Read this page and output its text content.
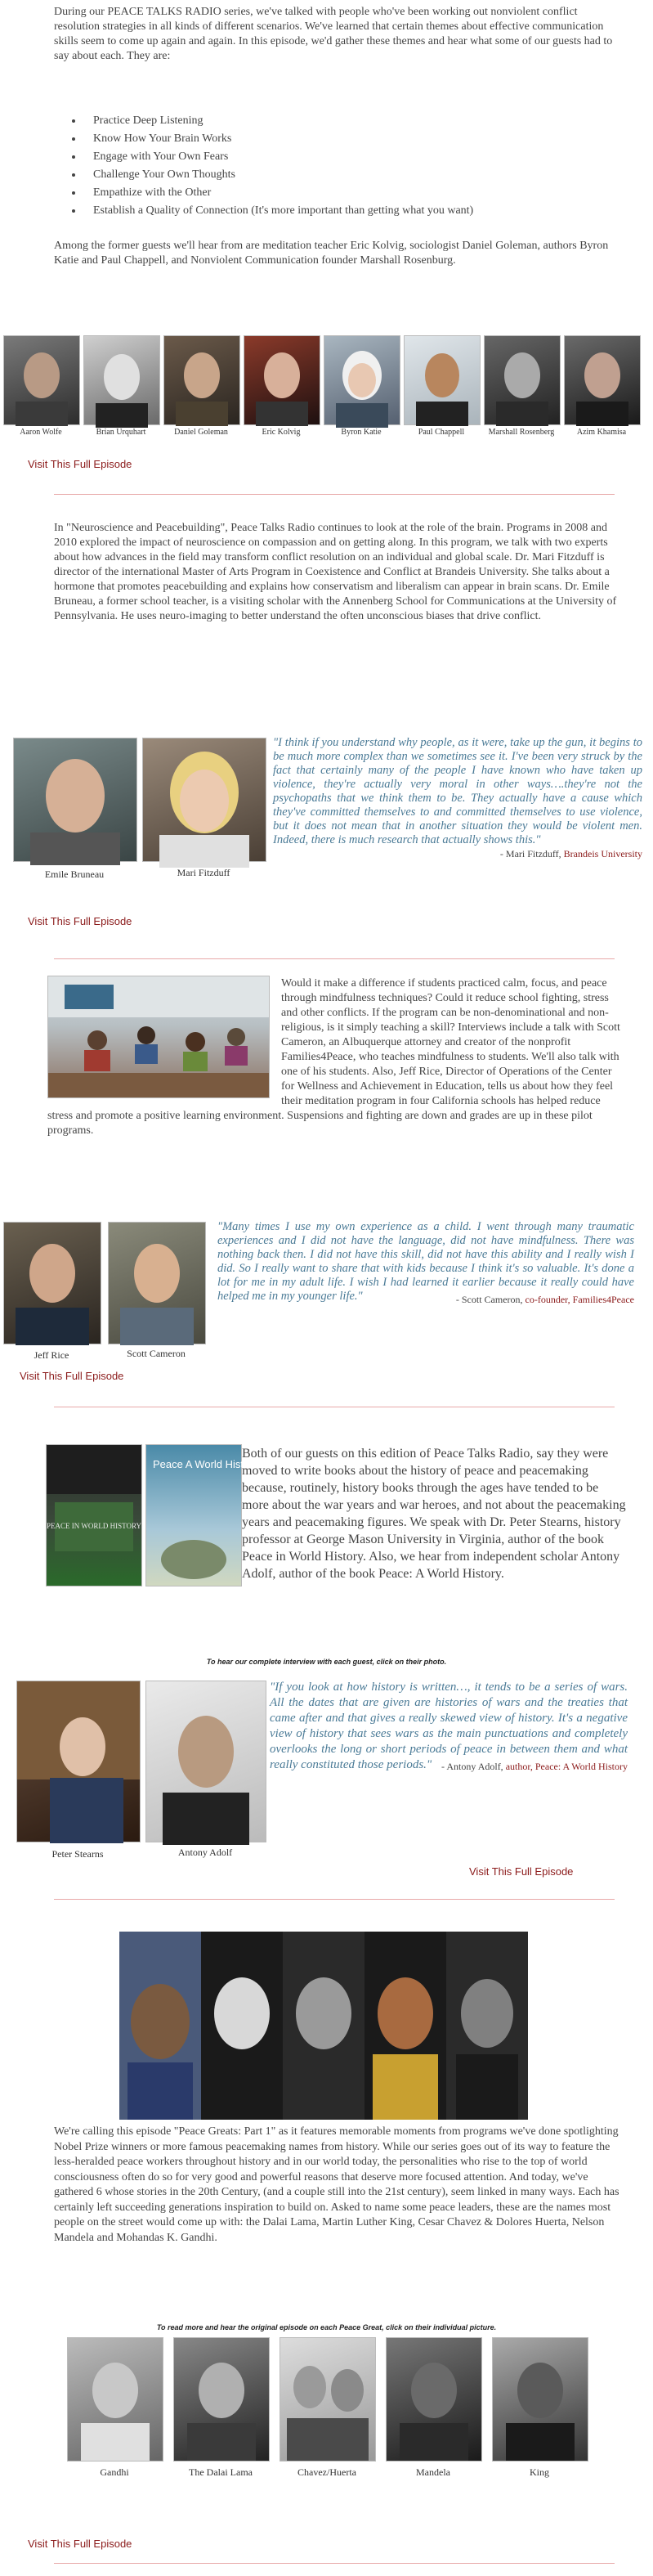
During our PEACE TALKS RADIO series, we've talked with people who've been working out nonviolent conflict resolution strategies in all kinds of different scenarios. We've learned that certain themes about effective communication skills seem to come up again and again. In this episode, we'd gather these themes and hear what some of our guests had to say about each. They are:
• Practice Deep Listening
• Know How Your Brain Works
• Engage with Your Own Fears
• Challenge Your Own Thoughts
• Empathize with the Other
• Establish a Quality of Connection (It's more important than getting what you want)
Among the former guests we'll hear from are meditation teacher Eric Kolvig, sociologist Daniel Goleman, authors Byron Katie and Paul Chappell, and Nonviolent Communication founder Marshall Rosenburg.
Aaron Wolfe	Brian Urquhart	Daniel Goleman	Eric Kolvig	Byron Katie	Paul Chappell	Marshall Rosenberg	Azim Khamisa
Visit This Full Episode
In "Neuroscience and Peacebuilding", Peace Talks Radio continues to look at the role of the brain. Programs in 2008 and 2010 explored the impact of neuroscience on compassion and on getting along. In this program, we talk with two experts about how advances in the field may transform conflict resolution on an individual and global scale. Dr. Mari Fitzduff is director of the international Master of Arts Program in Coexistence and Conflict at Brandeis University. She talks about a hormone that promotes peacebuilding and explains how conservatism and liberalism can appear in brain scans. Dr. Emile Bruneau, a former school teacher, is a visiting scholar with the Annenberg School for Communications at the University of Pennsylvania. He uses neuro-imaging to better understand the often unconscious biases that drive conflict.
Emile Bruneau	Mari Fitzduff
"I think if you understand why people, as it were, take up the gun, it begins to be much more complex than we sometimes see it. I've been very struck by the fact that certainly many of the people I have known who have taken up violence, they're actually very moral in other ways….they're not the psychopaths that we think them to be. They actually have a cause which they've committed themselves to and committed themselves to use violence, but it does not mean that in another situation they would be violent men. Indeed, there is much research that actually shows this."
- Mari Fitzduff, Brandeis University
Visit This Full Episode
Would it make a difference if students practiced calm, focus, and peace through mindfulness techniques? Could it reduce school fighting, stress and other conflicts. If the program can be non-denominational and non-religious, is it simply teaching a skill? Interviews include a talk with Scott Cameron, an Albuquerque attorney and creator of the nonprofit Families4Peace, who teaches mindfulness to students. We'll also talk with one of his students. Also, Jeff Rice, Director of Operations of the Center for Wellness and Achievement in Education, tells us about how they feel their meditation program in four California schools has helped reduce stress and promote a positive learning environment. Suspensions and fighting are down and grades are up in these pilot programs.
Jeff Rice	Scott Cameron
"Many times I use my own experience as a child. I went through many traumatic experiences and I did not have the language, did not have mindfulness. There was nothing back then. I did not have this skill, did not have this ability and I really wish I did. So I really want to share that with kids because I think it's so valuable. It's done a lot for me in my adult life. I wish I had learned it earlier because it really could have helped me in my younger life."	- Scott Cameron, co-founder, Families4Peace
Visit This Full Episode
PEACE IN WORLD HISTORY
Peace A World History
Both of our guests on this edition of Peace Talks Radio, say they were moved to write books about the history of peace and peacemaking because, routinely, history books through the ages have tended to be more about the war years and war heroes, and not about the peacemaking years and peacemaking figures. We speak with Dr. Peter Stearns, history professor at George Mason University in Virginia, author of the book Peace in World History. Also, we hear from independent scholar Antony Adolf, author of the book Peace: A World History.
To hear our complete interview with each guest, click on their photo.
Peter Stearns	Antony Adolf
"If you look at how history is written…, it tends to be a series of wars. All the dates that are given are histories of wars and the treaties that came after and that gives a really skewed view of history. It's a negative view of history that sees wars as the main punctuations and completely overlooks the long or short periods of peace in between them and what really constituted those periods." - Antony Adolf, author, Peace: A World History
Visit This Full Episode
We're calling this episode "Peace Greats: Part 1" as it features memorable moments from programs we've done spotlighting Nobel Prize winners or more famous peacemaking names from history. While our series goes out of its way to feature the less-heralded peace workers throughout history and in our world today, the personalities who rise to the top of world consciousness often do so for very good and powerful reasons that deserve more focused attention. And today, we've gathered 6 whose stories in the 20th Century, (and a couple still into the 21st century), seem linked in many ways. Each has certainly left succeeding generations inspiration to build on. Asked to name some peace leaders, these are the names most people on the street would come up with: the Dalai Lama, Martin Luther King, Cesar Chavez & Dolores Huerta, Nelson Mandela and Mohandas K. Gandhi.
To read more and hear the original episode on each Peace Great, click on their individual picture.
Gandhi	The Dalai Lama	Chavez/Huerta	Mandela	King
Visit This Full Episode
